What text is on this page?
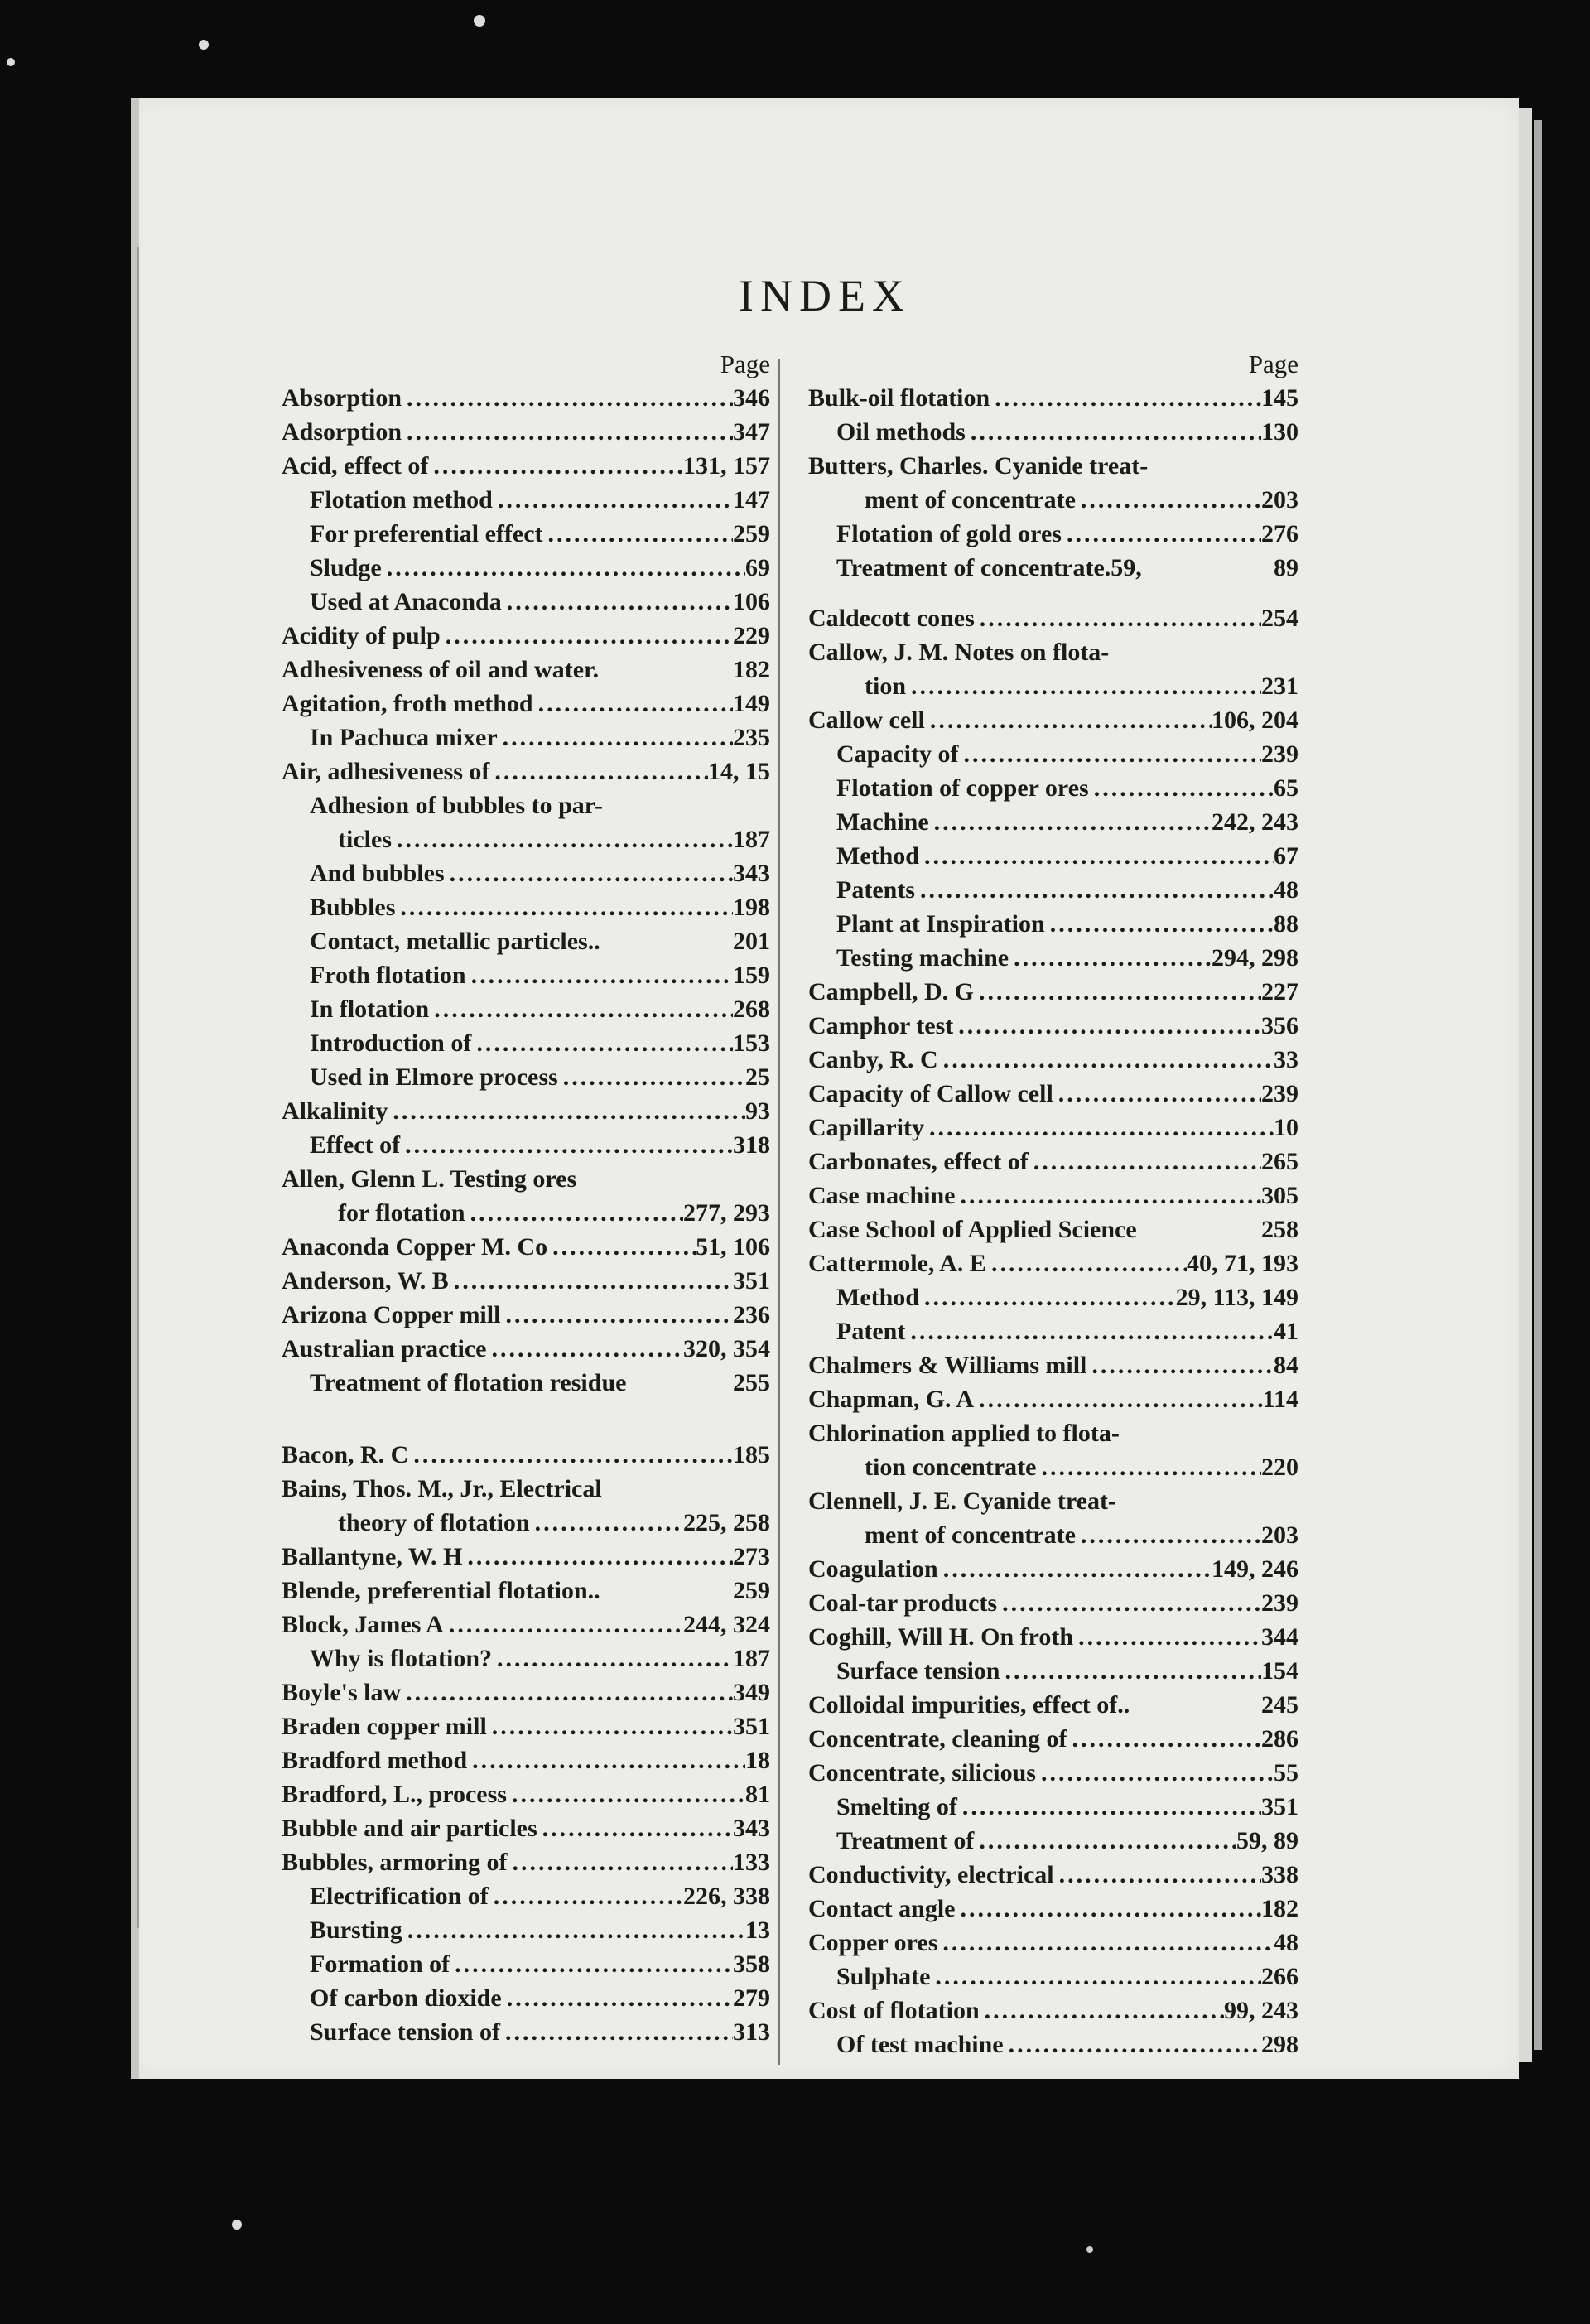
INDEX
Page
Absorption .....	346
Adsorption .....	347
Acid, effect of .....	131, 157
Flotation method .....	147
For preferential effect .....	259
Sludge .....	69
Used at Anaconda .....	106
Acidity of pulp .....	229
Adhesiveness of oil and water.	182
Agitation, froth method .....	149
In Pachuca mixer .....	235
Air, adhesiveness of .....	14, 15
Adhesion of bubbles to par-
ticles .....	187
And bubbles .....	343
Bubbles .....	198
Contact, metallic particles..	201
Froth flotation .....	159
In flotation .....	268
Introduction of .....	153
Used in Elmore process .....	25
Alkalinity .....	93
Effect of .....	318
Allen, Glenn L. Testing ores
for flotation .....	277, 293
Anaconda Copper M. Co .....	51, 106
Anderson, W. B .....	351
Arizona Copper mill .....	236
Australian practice .....	320, 354
Treatment of flotation residue	255
Bacon, R. C .....	185
Bains, Thos. M., Jr., Electrical
theory of flotation .....	225, 258
Ballantyne, W. H .....	273
Blende, preferential flotation..	259
Block, James A .....	244, 324
Why is flotation? .....	187
Boyle's law .....	349
Braden copper mill .....	351
Bradford method .....	18
Bradford, L., process .....	81
Bubble and air particles .....	343
Bubbles, armoring of .....	133
Electrification of .....	226, 338
Bursting .....	13
Formation of .....	358
Of carbon dioxide .....	279
Surface tension of .....	313
Page
Bulk-oil flotation .....	145
Oil methods .....	130
Butters, Charles. Cyanide treat-
ment of concentrate .....	203
Flotation of gold ores .....	276
Treatment of concentrate.59,	89
Caldecott cones .....	254
Callow, J. M. Notes on flota-
tion .....	231
Callow cell .....	106, 204
Capacity of .....	239
Flotation of copper ores .....	65
Machine .....	242, 243
Method .....	67
Patents .....	48
Plant at Inspiration .....	88
Testing machine .....	294, 298
Campbell, D. G .....	227
Camphor test .....	356
Canby, R. C .....	33
Capacity of Callow cell .....	239
Capillarity .....	10
Carbonates, effect of .....	265
Case machine .....	305
Case School of Applied Science	258
Cattermole, A. E .....	40, 71, 193
Method .....	29, 113, 149
Patent .....	41
Chalmers & Williams mill .....	84
Chapman, G. A .....	114
Chlorination applied to flota-
tion concentrate .....	220
Clennell, J. E. Cyanide treat-
ment of concentrate .....	203
Coagulation .....	149, 246
Coal-tar products .....	239
Coghill, Will H. On froth .....	344
Surface tension .....	154
Colloidal impurities, effect of..	245
Concentrate, cleaning of .....	286
Concentrate, silicious .....	55
Smelting of .....	351
Treatment of .....	59, 89
Conductivity, electrical .....	338
Contact angle .....	182
Copper ores .....	48
Sulphate .....	266
Cost of flotation .....	99, 243
Of test machine .....	298
